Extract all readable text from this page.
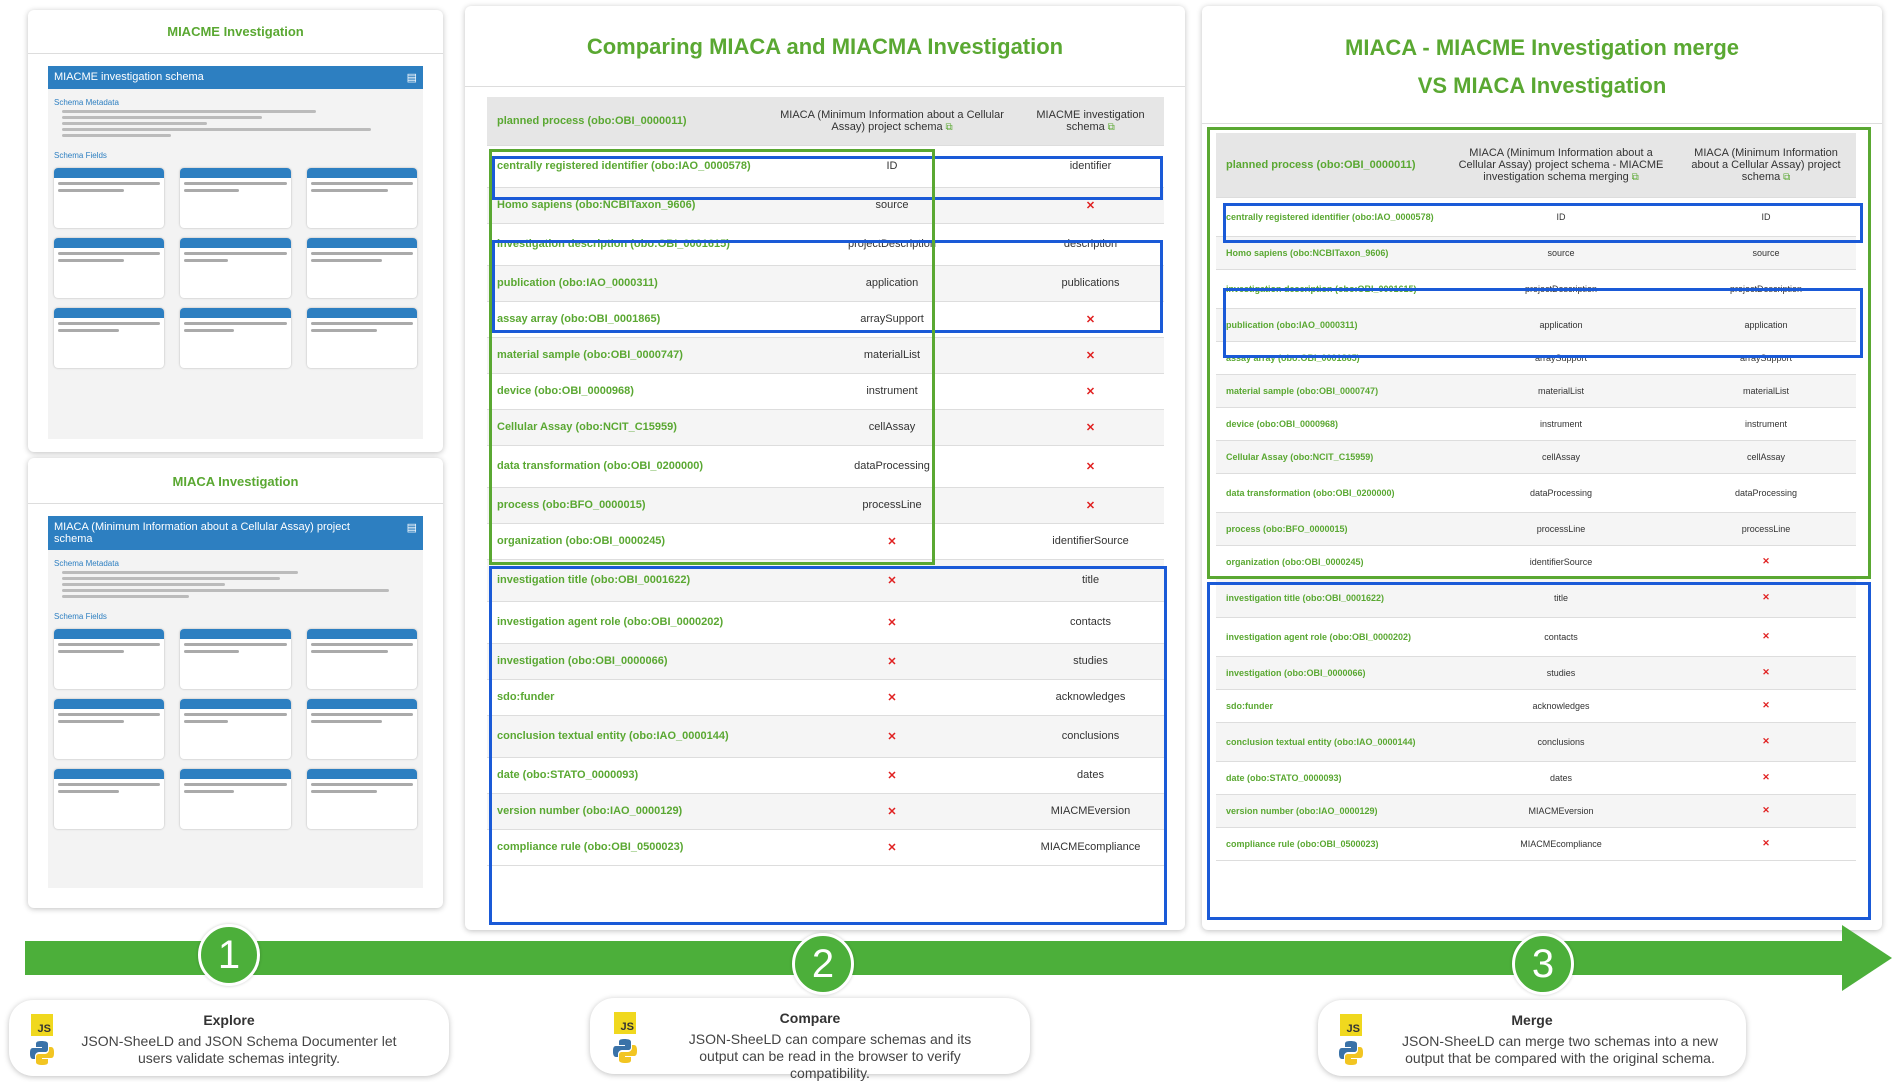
MIACME Investigation
MIACME investigation schema	▤
Schema Metadata
Schema Fields
MIACA Investigation
MIACA (Minimum Information about a Cellular Assay) project schema
▤
Schema Metadata
Schema Fields
Comparing MIACA and MIACMA Investigation
planned process (obo:OBI_0000011)	MIACA (Minimum Information about a Cellular Assay) project schema ⧉	MIACME investigation schema ⧉
centrally registered identifier (obo:IAO_0000578)	ID	identifier
Homo sapiens (obo:NCBITaxon_9606)	source	✕
investigation description (obo:OBI_0001615)	projectDescription	description
publication (obo:IAO_0000311)	application	publications
assay array (obo:OBI_0001865)	arraySupport	✕
material sample (obo:OBI_0000747)	materialList	✕
device (obo:OBI_0000968)	instrument	✕
Cellular Assay (obo:NCIT_C15959)	cellAssay	✕
data transformation (obo:OBI_0200000)	dataProcessing	✕
process (obo:BFO_0000015)	processLine	✕
organization (obo:OBI_0000245)	✕	identifierSource
investigation title (obo:OBI_0001622)	✕	title
investigation agent role (obo:OBI_0000202)	✕	contacts
investigation (obo:OBI_0000066)	✕	studies
sdo:funder	✕	acknowledges
conclusion textual entity (obo:IAO_0000144)	✕	conclusions
date (obo:STATO_0000093)	✕	dates
version number (obo:IAO_0000129)	✕	MIACMEversion
compliance rule (obo:OBI_0500023)	✕	MIACMEcompliance
MIACA - MIACME Investigation merge
VS MIACA Investigation
planned process (obo:OBI_0000011)	MIACA (Minimum Information about a Cellular Assay) project schema - MIACME investigation schema merging ⧉	MIACA (Minimum Information about a Cellular Assay) project schema ⧉
centrally registered identifier (obo:IAO_0000578)	ID	ID
Homo sapiens (obo:NCBITaxon_9606)	source	source
investigation description (obo:OBI_0001615)	projectDescription	projectDescription
publication (obo:IAO_0000311)	application	application
assay array (obo:OBI_0001865)	arraySupport	arraySupport
material sample (obo:OBI_0000747)	materialList	materialList
device (obo:OBI_0000968)	instrument	instrument
Cellular Assay (obo:NCIT_C15959)	cellAssay	cellAssay
data transformation (obo:OBI_0200000)	dataProcessing	dataProcessing
process (obo:BFO_0000015)	processLine	processLine
organization (obo:OBI_0000245)	identifierSource	✕
investigation title (obo:OBI_0001622)	title	✕
investigation agent role (obo:OBI_0000202)	contacts	✕
investigation (obo:OBI_0000066)	studies	✕
sdo:funder	acknowledges	✕
conclusion textual entity (obo:IAO_0000144)	conclusions	✕
date (obo:STATO_0000093)	dates	✕
version number (obo:IAO_0000129)	MIACMEversion	✕
compliance rule (obo:OBI_0500023)	MIACMEcompliance	✕
1	2	3
JS
Explore
JSON-SheeLD and JSON Schema Documenter let users validate schemas integrity.
JS
Compare
JSON-SheeLD can compare schemas and its output can be read in the browser to verify compatibility.
JS
Merge
JSON-SheeLD can merge two schemas into a new output that be compared with the original schema.
